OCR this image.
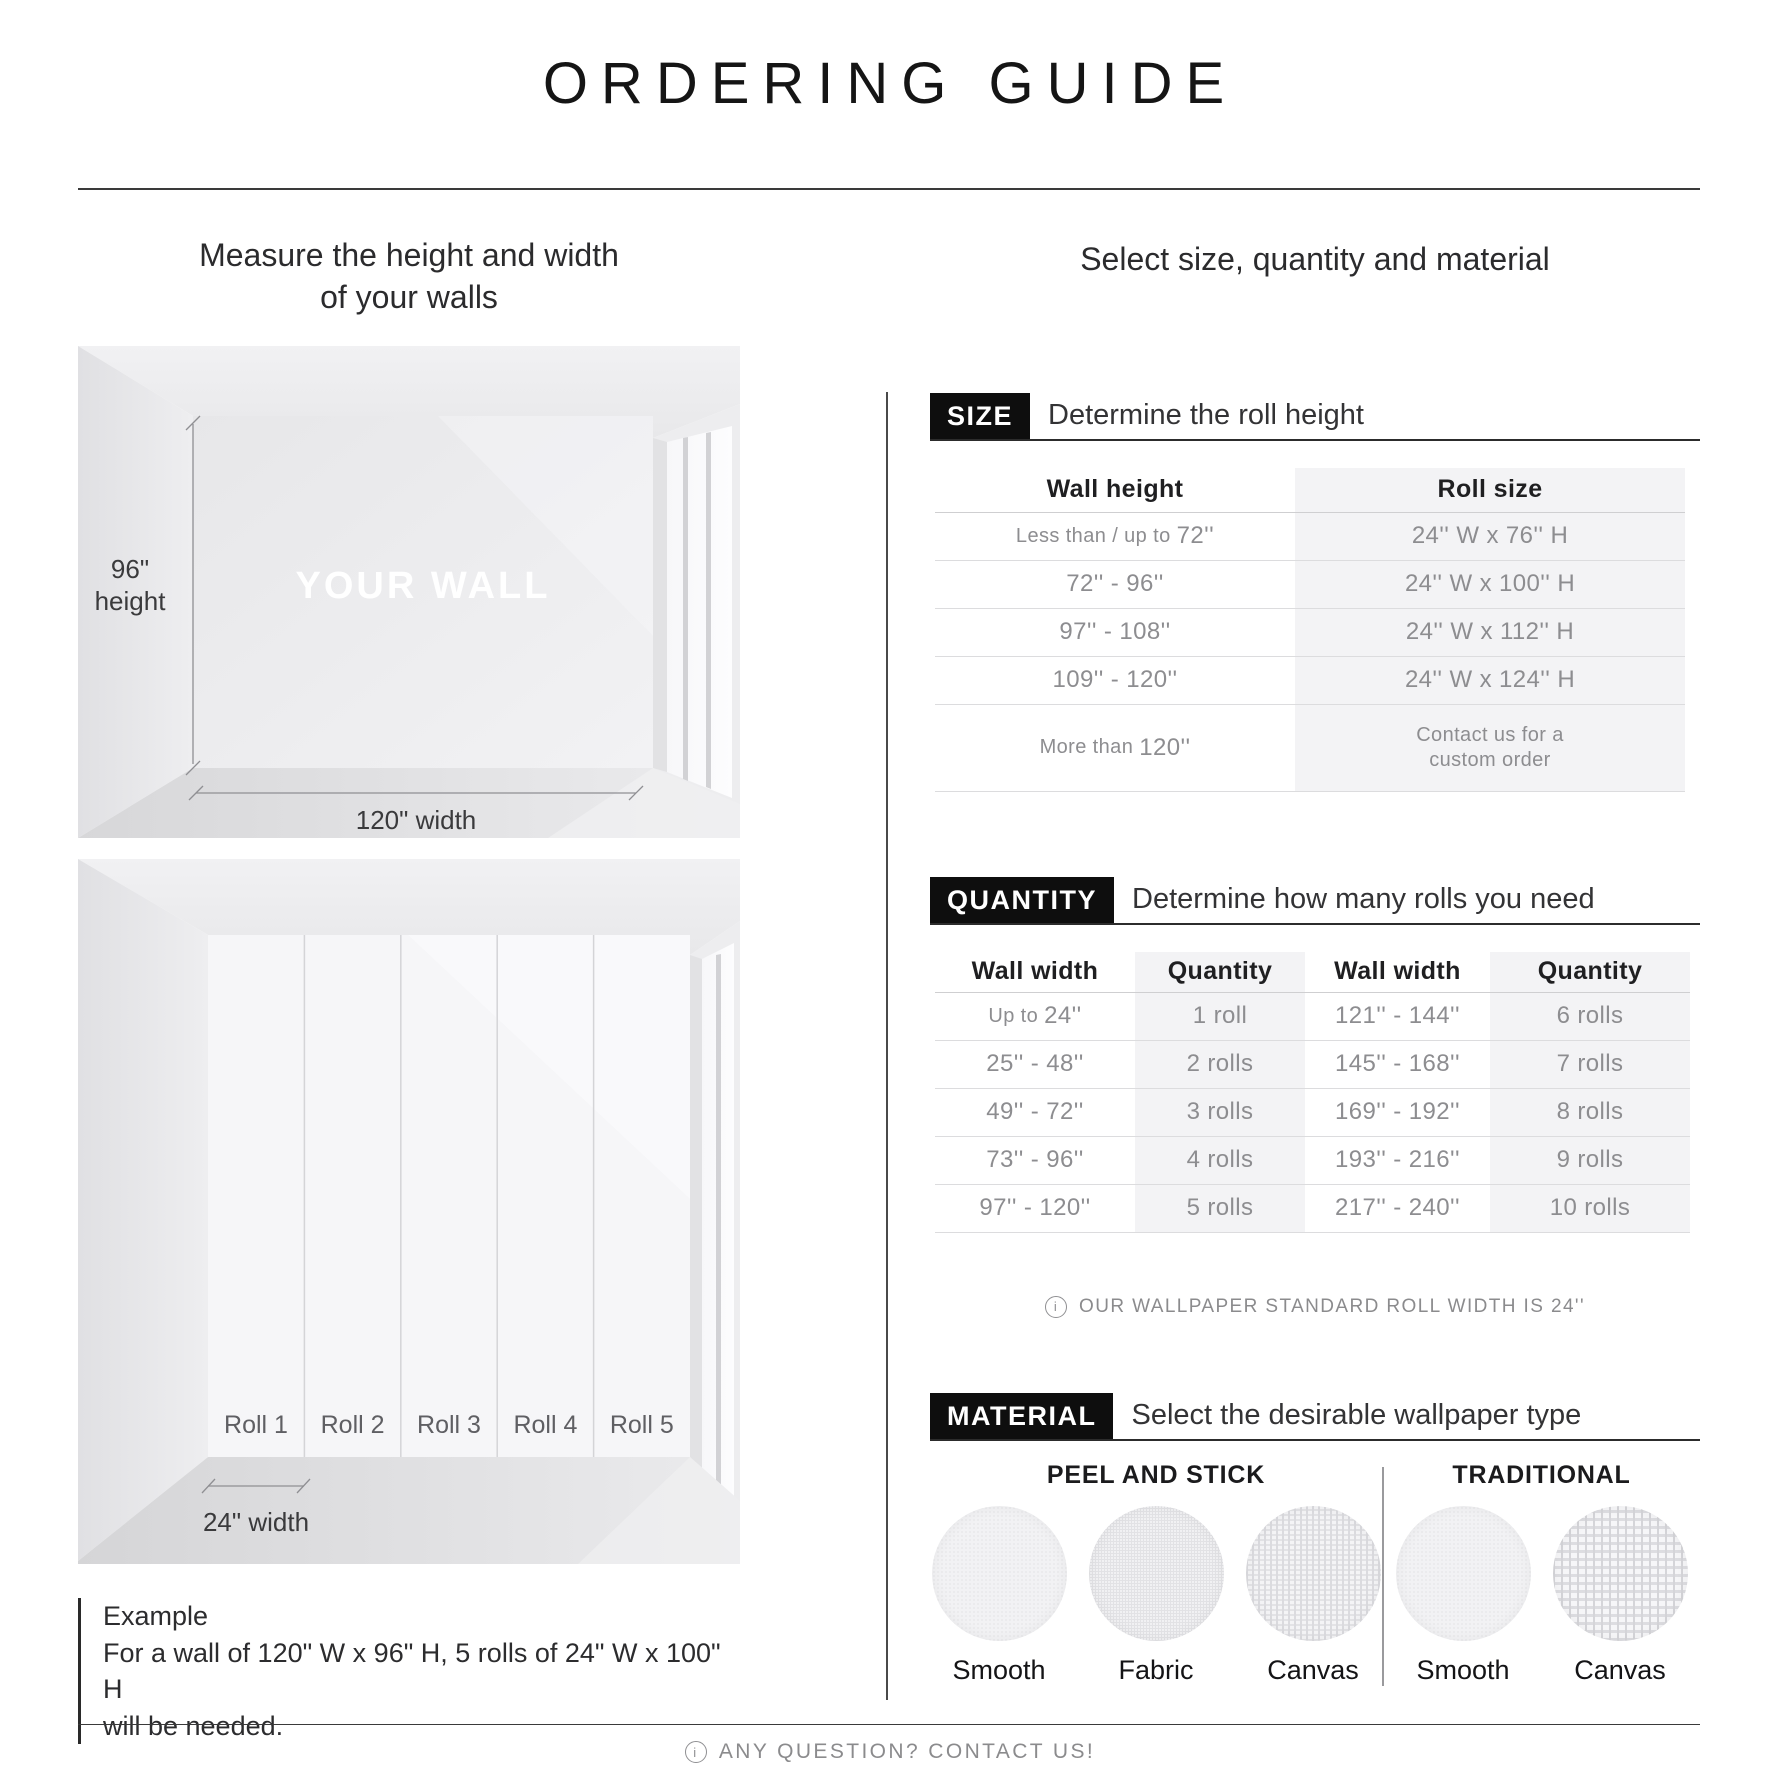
ORDERING GUIDE
Measure the height and width
of your walls
96"
height	YOUR WALL
120" width
Roll 1 Roll 2 Roll 3 Roll 4 Roll 5
24" width
Example
For a wall of 120" W x 96" H, 5 rolls of 24" W x 100" H
will be needed.
Select size, quantity and material
SIZE	Determine the roll height
Wall height	Roll size
Less than / up to 72''	24'' W x 76'' H
72'' - 96''	24'' W x 100'' H
97'' - 108''	24'' W x 112'' H
109'' - 120''	24'' W x 124'' H
More than 120''	Contact us for a
custom order
QUANTITY	Determine how many rolls you need
Wall width	Quantity	Wall width	Quantity
Up to 24''	1 roll	121'' - 144''	6 rolls
25'' - 48''	2 rolls	145'' - 168''	7 rolls
49'' - 72''	3 rolls	169'' - 192''	8 rolls
73'' - 96''	4 rolls	193'' - 216''	9 rolls
97'' - 120''	5 rolls	217'' - 240''	10 rolls
i	OUR WALLPAPER STANDARD ROLL WIDTH IS 24''
MATERIAL	Select the desirable wallpaper type
PEEL AND STICK
Smooth	Fabric	Canvas
TRADITIONAL
Smooth Canvas
i ANY QUESTION? CONTACT US!
